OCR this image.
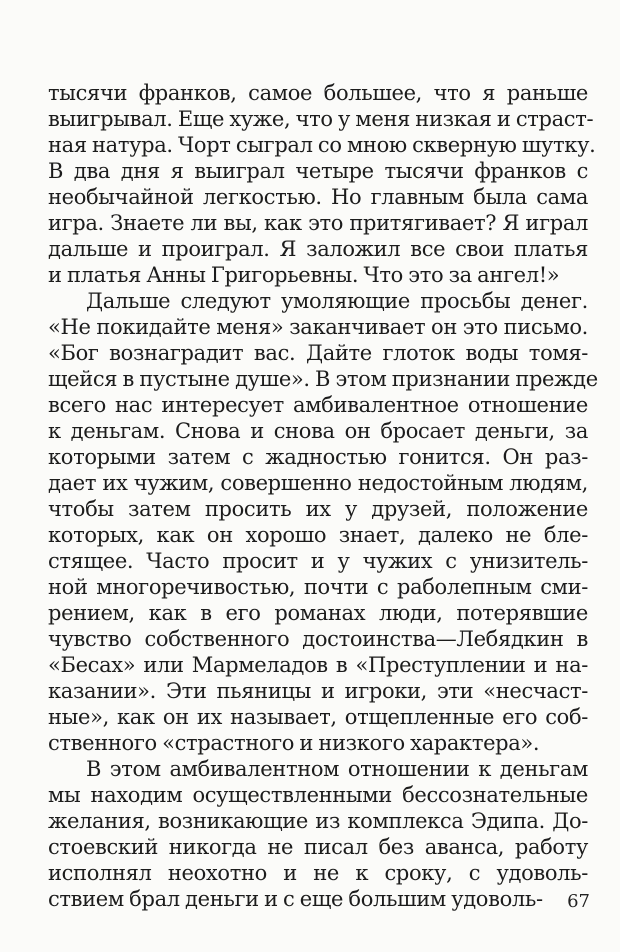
тысячи франков, самое большее, что я раньше
выигрывал. Еще хуже, что у меня низкая и страст-
ная натура. Чорт сыграл со мною скверную шутку.
В два дня я выиграл четыре тысячи франков с
необычайной легкостью. Но главным была сама
игра. Знаете ли вы, как это притягивает? Я играл
дальше и проиграл. Я заложил все свои платья
и платья Анны Григорьевны. Что это за ангел!»
Дальше следуют умоляющие просьбы денег.
«Не покидайте меня» заканчивает он это письмо.
«Бог вознаградит вас. Дайте глоток воды томя-
щейся в пустыне душе». В этом признании прежде
всего нас интересует амбивалентное отношение
к деньгам. Снова и снова он бросает деньги, за
которыми затем с жадностью гонится. Он раз-
дает их чужим, совершенно недостойным людям,
чтобы затем просить их у друзей, положение
которых, как он хорошо знает, далеко не бле-
стящее. Часто просит и у чужих с унизитель-
ной многоречивостью, почти с раболепным сми-
рением, как в его романах люди, потерявшие
чувство собственного достоинства—Лебядкин в
«Бесах» или Мармеладов в «Преступлении и на-
казании». Эти пьяницы и игроки, эти «несчаст-
ные», как он их называет, отщепленные его соб-
ственного «страстного и низкого характера».
В этом амбивалентном отношении к деньгам
мы находим осуществленными бессознательные
желания, возникающие из комплекса Эдипа. До-
стоевский никогда не писал без аванса, работу
исполнял неохотно и не к сроку, с удоволь-
ствием брал деньги и с еще большим удоволь-	67
